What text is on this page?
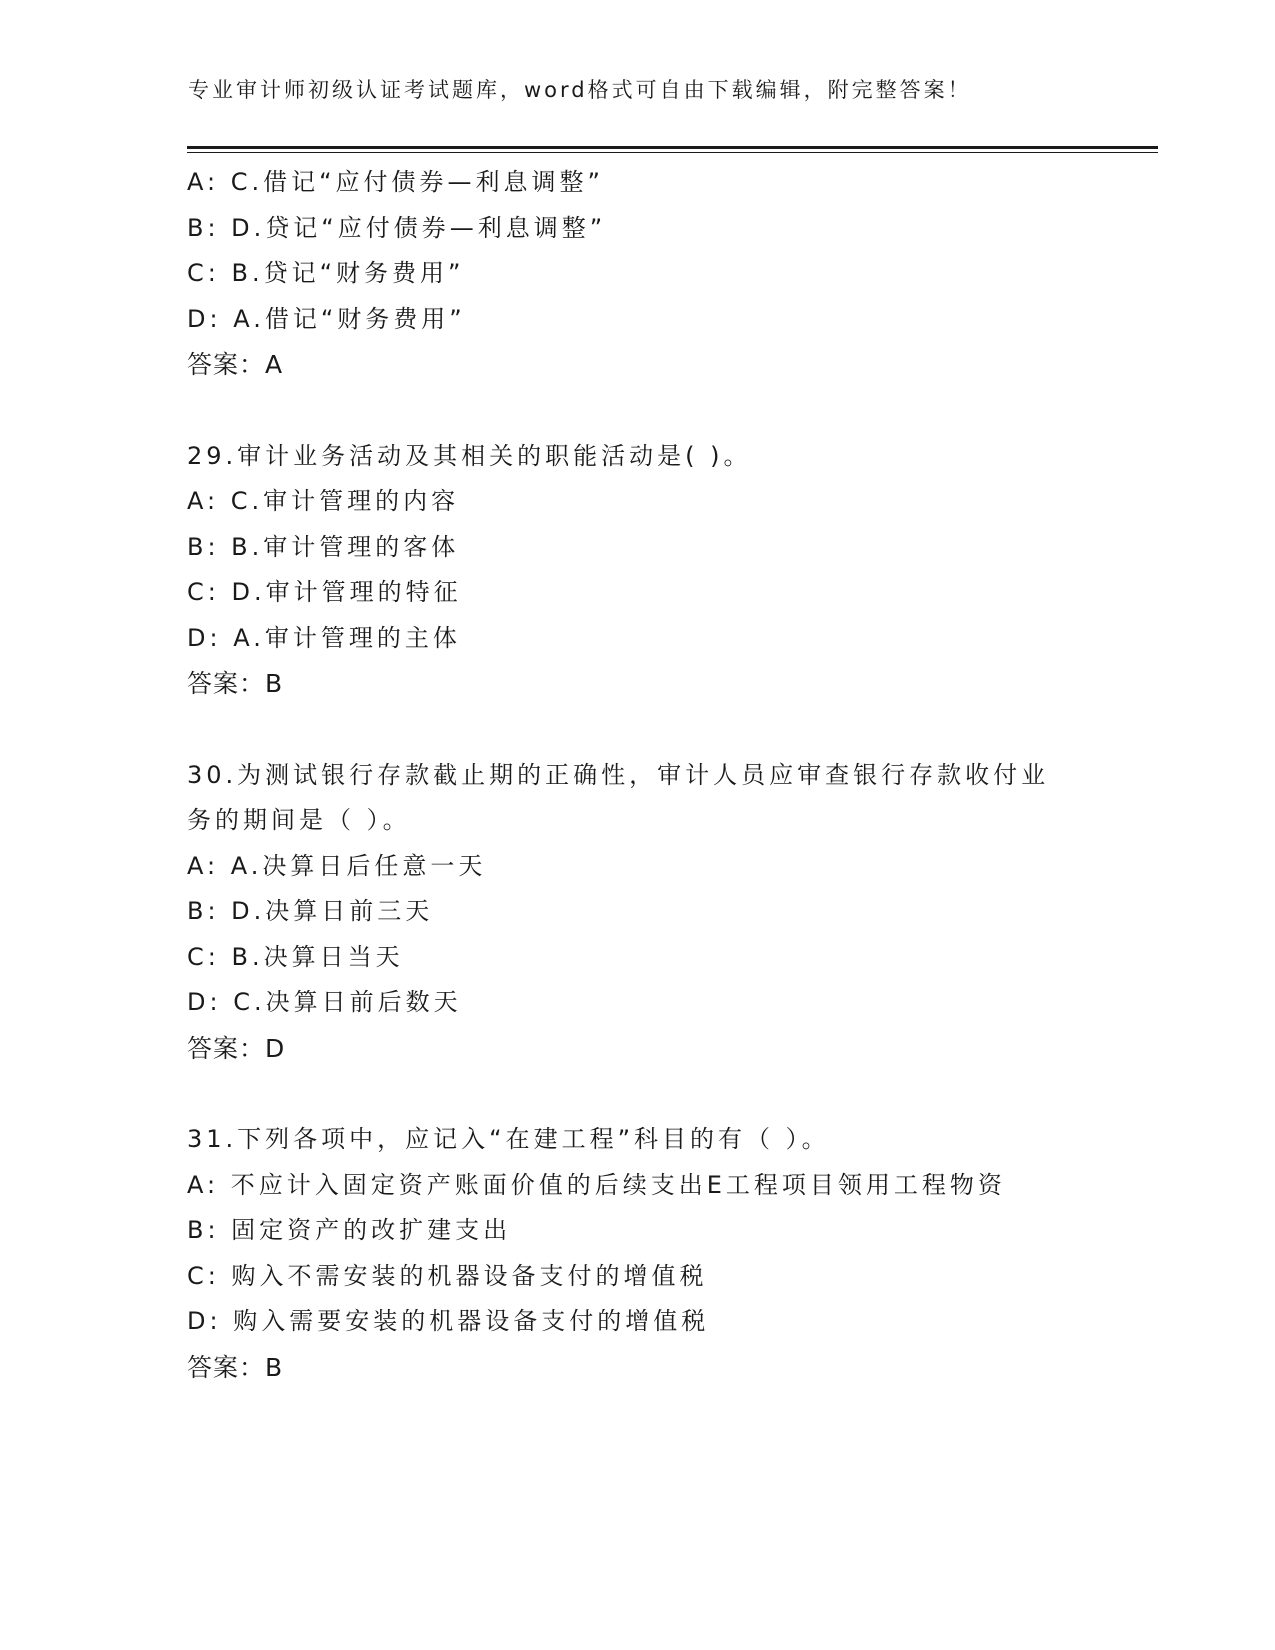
专业审计师初级认证考试题库，word格式可自由下载编辑，附完整答案！
A: C.借记“应付债券—利息调整”
B: D.贷记“应付债券—利息调整”
C: B.贷记“财务费用”
D: A.借记“财务费用”
答案：A
29.审计业务活动及其相关的职能活动是( )。
A: C.审计管理的内容
B: B.审计管理的客体
C: D.审计管理的特征
D: A.审计管理的主体
答案：B
30.为测试银行存款截止期的正确性，审计人员应审查银行存款收付业务的期间是（ ）。
A: A.决算日后任意一天
B: D.决算日前三天
C: B.决算日当天
D: C.决算日前后数天
答案：D
31.下列各项中，应记入“在建工程”科目的有（ ）。
A: 不应计入固定资产账面价值的后续支出E工程项目领用工程物资
B: 固定资产的改扩建支出
C: 购入不需安装的机器设备支付的增值税
D: 购入需要安装的机器设备支付的增值税
答案：B
